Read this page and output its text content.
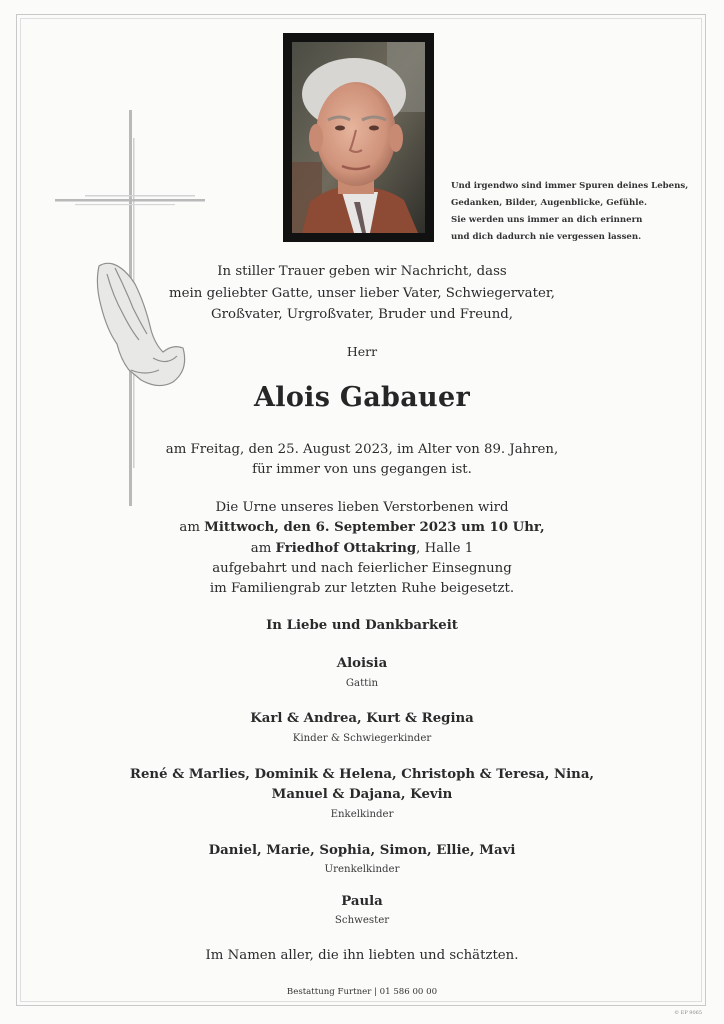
Und irgendwo sind immer Spuren deines Lebens,
Gedanken, Bilder, Augenblicke, Gefühle.
Sie werden uns immer an dich erinnern
und dich dadurch nie vergessen lassen.
In stiller Trauer geben wir Nachricht, dass
mein geliebter Gatte, unser lieber Vater, Schwiegervater,
Großvater, Urgroßvater, Bruder und Freund,
Herr
Alois Gabauer
am Freitag, den 25. August 2023, im Alter von 89. Jahren,
für immer von uns gegangen ist.
Die Urne unseres lieben Verstorbenen wird
am Mittwoch, den 6. September 2023 um 10 Uhr,
am Friedhof Ottakring, Halle 1
aufgebahrt und nach feierlicher Einsegnung
im Familiengrab zur letzten Ruhe beigesetzt.
In Liebe und Dankbarkeit
Aloisia
Gattin
Karl & Andrea, Kurt & Regina
Kinder & Schwiegerkinder
René & Marlies, Dominik & Helena, Christoph & Teresa, Nina,
Manuel & Dajana, Kevin
Enkelkinder
Daniel, Marie, Sophia, Simon, Ellie, Mavi
Urenkelkinder
Paula
Schwester
Im Namen aller, die ihn liebten und schätzten.
Bestattung Furtner | 01 586 00 00
© EP 9065
